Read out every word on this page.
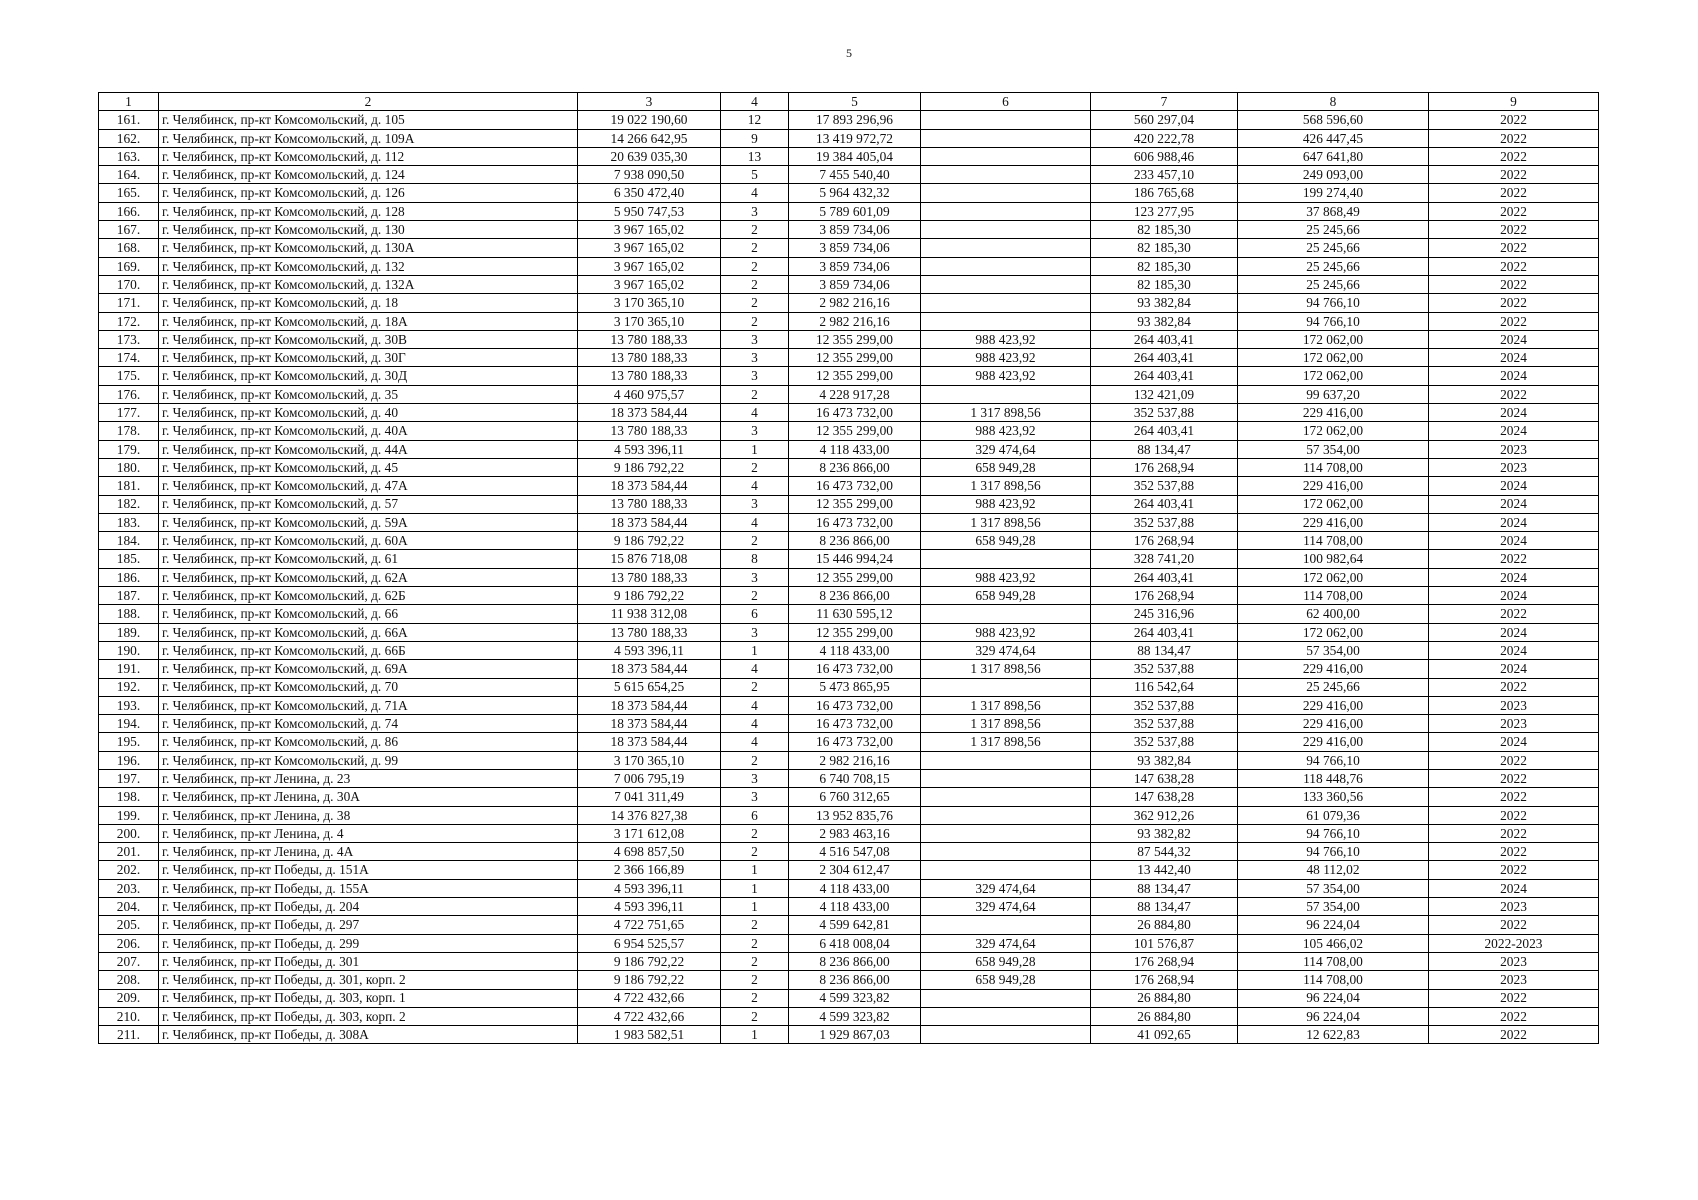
5
1	2	3	4	5	6	7	8	9
161.	г. Челябинск, пр-кт Комсомольский, д. 105	19 022 190,60	12	17 893 296,96		560 297,04	568 596,60	2022
162.	г. Челябинск, пр-кт Комсомольский, д. 109А	14 266 642,95	9	13 419 972,72		420 222,78	426 447,45	2022
163.	г. Челябинск, пр-кт Комсомольский, д. 112	20 639 035,30	13	19 384 405,04		606 988,46	647 641,80	2022
164.	г. Челябинск, пр-кт Комсомольский, д. 124	7 938 090,50	5	7 455 540,40		233 457,10	249 093,00	2022
165.	г. Челябинск, пр-кт Комсомольский, д. 126	6 350 472,40	4	5 964 432,32		186 765,68	199 274,40	2022
166.	г. Челябинск, пр-кт Комсомольский, д. 128	5 950 747,53	3	5 789 601,09		123 277,95	37 868,49	2022
167.	г. Челябинск, пр-кт Комсомольский, д. 130	3 967 165,02	2	3 859 734,06		82 185,30	25 245,66	2022
168.	г. Челябинск, пр-кт Комсомольский, д. 130А	3 967 165,02	2	3 859 734,06		82 185,30	25 245,66	2022
169.	г. Челябинск, пр-кт Комсомольский, д. 132	3 967 165,02	2	3 859 734,06		82 185,30	25 245,66	2022
170.	г. Челябинск, пр-кт Комсомольский, д. 132А	3 967 165,02	2	3 859 734,06		82 185,30	25 245,66	2022
171.	г. Челябинск, пр-кт Комсомольский, д. 18	3 170 365,10	2	2 982 216,16		93 382,84	94 766,10	2022
172.	г. Челябинск, пр-кт Комсомольский, д. 18А	3 170 365,10	2	2 982 216,16		93 382,84	94 766,10	2022
173.	г. Челябинск, пр-кт Комсомольский, д. 30В	13 780 188,33	3	12 355 299,00	988 423,92	264 403,41	172 062,00	2024
174.	г. Челябинск, пр-кт Комсомольский, д. 30Г	13 780 188,33	3	12 355 299,00	988 423,92	264 403,41	172 062,00	2024
175.	г. Челябинск, пр-кт Комсомольский, д. 30Д	13 780 188,33	3	12 355 299,00	988 423,92	264 403,41	172 062,00	2024
176.	г. Челябинск, пр-кт Комсомольский, д. 35	4 460 975,57	2	4 228 917,28		132 421,09	99 637,20	2022
177.	г. Челябинск, пр-кт Комсомольский, д. 40	18 373 584,44	4	16 473 732,00	1 317 898,56	352 537,88	229 416,00	2024
178.	г. Челябинск, пр-кт Комсомольский, д. 40А	13 780 188,33	3	12 355 299,00	988 423,92	264 403,41	172 062,00	2024
179.	г. Челябинск, пр-кт Комсомольский, д. 44А	4 593 396,11	1	4 118 433,00	329 474,64	88 134,47	57 354,00	2023
180.	г. Челябинск, пр-кт Комсомольский, д. 45	9 186 792,22	2	8 236 866,00	658 949,28	176 268,94	114 708,00	2023
181.	г. Челябинск, пр-кт Комсомольский, д. 47А	18 373 584,44	4	16 473 732,00	1 317 898,56	352 537,88	229 416,00	2024
182.	г. Челябинск, пр-кт Комсомольский, д. 57	13 780 188,33	3	12 355 299,00	988 423,92	264 403,41	172 062,00	2024
183.	г. Челябинск, пр-кт Комсомольский, д. 59А	18 373 584,44	4	16 473 732,00	1 317 898,56	352 537,88	229 416,00	2024
184.	г. Челябинск, пр-кт Комсомольский, д. 60А	9 186 792,22	2	8 236 866,00	658 949,28	176 268,94	114 708,00	2024
185.	г. Челябинск, пр-кт Комсомольский, д. 61	15 876 718,08	8	15 446 994,24		328 741,20	100 982,64	2022
186.	г. Челябинск, пр-кт Комсомольский, д. 62А	13 780 188,33	3	12 355 299,00	988 423,92	264 403,41	172 062,00	2024
187.	г. Челябинск, пр-кт Комсомольский, д. 62Б	9 186 792,22	2	8 236 866,00	658 949,28	176 268,94	114 708,00	2024
188.	г. Челябинск, пр-кт Комсомольский, д. 66	11 938 312,08	6	11 630 595,12		245 316,96	62 400,00	2022
189.	г. Челябинск, пр-кт Комсомольский, д. 66А	13 780 188,33	3	12 355 299,00	988 423,92	264 403,41	172 062,00	2024
190.	г. Челябинск, пр-кт Комсомольский, д. 66Б	4 593 396,11	1	4 118 433,00	329 474,64	88 134,47	57 354,00	2024
191.	г. Челябинск, пр-кт Комсомольский, д. 69А	18 373 584,44	4	16 473 732,00	1 317 898,56	352 537,88	229 416,00	2024
192.	г. Челябинск, пр-кт Комсомольский, д. 70	5 615 654,25	2	5 473 865,95		116 542,64	25 245,66	2022
193.	г. Челябинск, пр-кт Комсомольский, д. 71А	18 373 584,44	4	16 473 732,00	1 317 898,56	352 537,88	229 416,00	2023
194.	г. Челябинск, пр-кт Комсомольский, д. 74	18 373 584,44	4	16 473 732,00	1 317 898,56	352 537,88	229 416,00	2023
195.	г. Челябинск, пр-кт Комсомольский, д. 86	18 373 584,44	4	16 473 732,00	1 317 898,56	352 537,88	229 416,00	2024
196.	г. Челябинск, пр-кт Комсомольский, д. 99	3 170 365,10	2	2 982 216,16		93 382,84	94 766,10	2022
197.	г. Челябинск, пр-кт Ленина, д. 23	7 006 795,19	3	6 740 708,15		147 638,28	118 448,76	2022
198.	г. Челябинск, пр-кт Ленина, д. 30А	7 041 311,49	3	6 760 312,65		147 638,28	133 360,56	2022
199.	г. Челябинск, пр-кт Ленина, д. 38	14 376 827,38	6	13 952 835,76		362 912,26	61 079,36	2022
200.	г. Челябинск, пр-кт Ленина, д. 4	3 171 612,08	2	2 983 463,16		93 382,82	94 766,10	2022
201.	г. Челябинск, пр-кт Ленина, д. 4А	4 698 857,50	2	4 516 547,08		87 544,32	94 766,10	2022
202.	г. Челябинск, пр-кт Победы, д. 151А	2 366 166,89	1	2 304 612,47		13 442,40	48 112,02	2022
203.	г. Челябинск, пр-кт Победы, д. 155А	4 593 396,11	1	4 118 433,00	329 474,64	88 134,47	57 354,00	2024
204.	г. Челябинск, пр-кт Победы, д. 204	4 593 396,11	1	4 118 433,00	329 474,64	88 134,47	57 354,00	2023
205.	г. Челябинск, пр-кт Победы, д. 297	4 722 751,65	2	4 599 642,81		26 884,80	96 224,04	2022
206.	г. Челябинск, пр-кт Победы, д. 299	6 954 525,57	2	6 418 008,04	329 474,64	101 576,87	105 466,02	2022-2023
207.	г. Челябинск, пр-кт Победы, д. 301	9 186 792,22	2	8 236 866,00	658 949,28	176 268,94	114 708,00	2023
208.	г. Челябинск, пр-кт Победы, д. 301, корп. 2	9 186 792,22	2	8 236 866,00	658 949,28	176 268,94	114 708,00	2023
209.	г. Челябинск, пр-кт Победы, д. 303, корп. 1	4 722 432,66	2	4 599 323,82		26 884,80	96 224,04	2022
210.	г. Челябинск, пр-кт Победы, д. 303, корп. 2	4 722 432,66	2	4 599 323,82		26 884,80	96 224,04	2022
211.	г. Челябинск, пр-кт Победы, д. 308А	1 983 582,51	1	1 929 867,03		41 092,65	12 622,83	2022
